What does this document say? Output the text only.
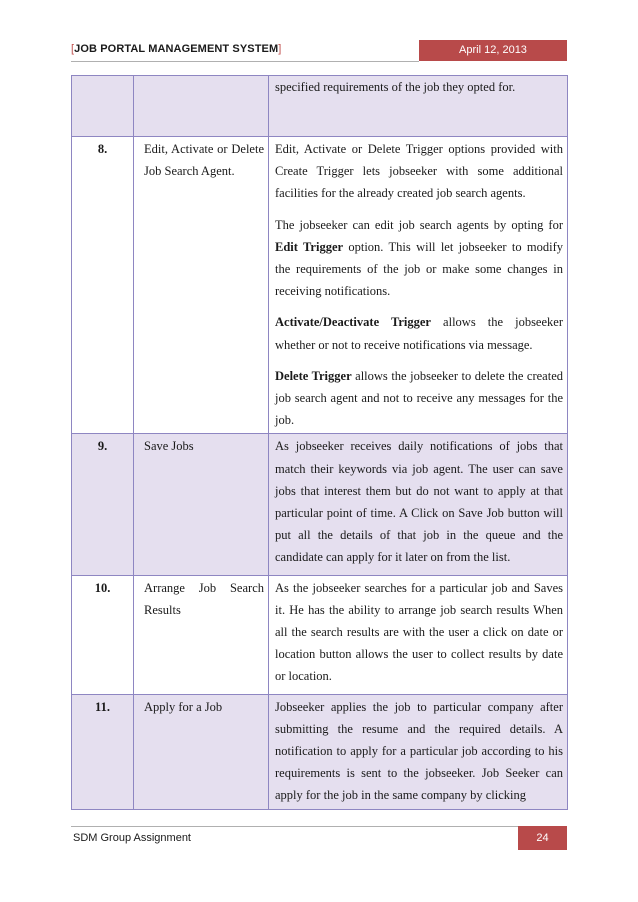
[JOB PORTAL MANAGEMENT SYSTEM]	April 12, 2013

		specified requirements of the job they opted for.

8.	Edit, Activate or Delete Job Search Agent.	Edit, Activate or Delete Trigger options provided with Create Trigger lets jobseeker with some additional facilities for the already created job search agents.

The jobseeker can edit job search agents by opting for Edit Trigger option. This will let jobseeker to modify the requirements of the job or make some changes in receiving notifications.

Activate/Deactivate Trigger allows the jobseeker whether or not to receive notifications via message.

Delete Trigger allows the jobseeker to delete the created job search agent and not to receive any messages for the job.

9.	Save Jobs	As jobseeker receives daily notifications of jobs that match their keywords via job agent. The user can save jobs that interest them but do not want to apply at that particular point of time. A Click on Save Job button will put all the details of that job in the queue and the candidate can apply for it later on from the list.

10.	Arrange Job Search Results	As the jobseeker searches for a particular job and Saves it. He has the ability to arrange job search results When all the search results are with the user a click on date or location button allows the user to collect results by date or location.

11.	Apply for a Job	Jobseeker applies the job to particular company after submitting the resume and the required details. A notification to apply for a particular job according to his requirements is sent to the jobseeker. Job Seeker can apply for the job in the same company by clicking

SDM Group Assignment	24
